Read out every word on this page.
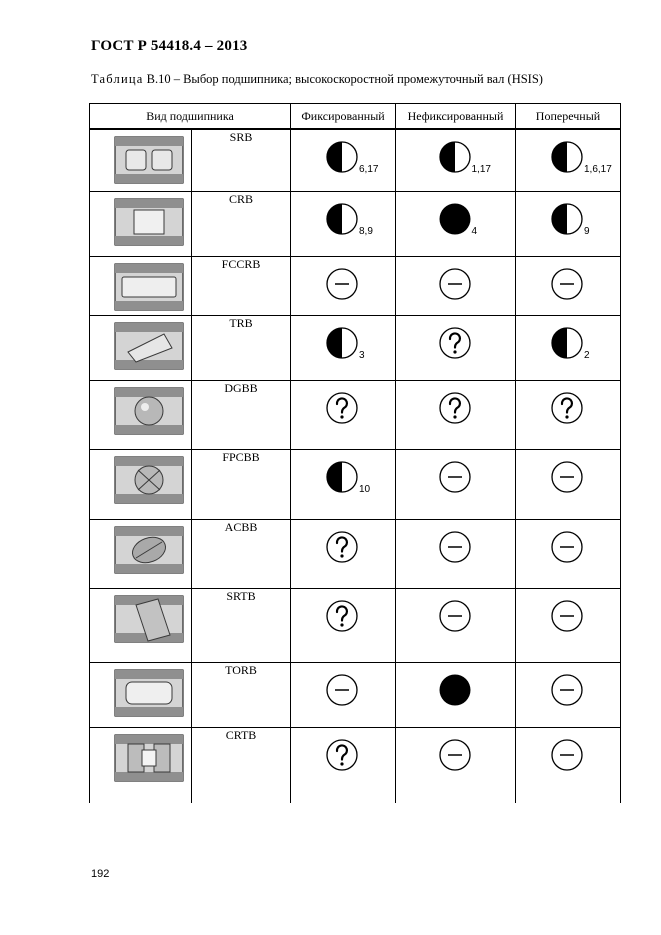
ГОСТ Р 54418.4 – 2013
Таблица В.10 – Выбор подшипника; высокоскоростной промежуточный вал (HSIS)
Вид подшипника		Фиксированный	Нефиксированный	Поперечный

	SRB	6,17	1,17	1,6,17

	CRB	8,9	4	9

	FCCRB	

	TRB	3		2

	DGBB	

	FPCBB	10

	ACBB	

	SRTB	

	TORB	

	CRTB	

192
